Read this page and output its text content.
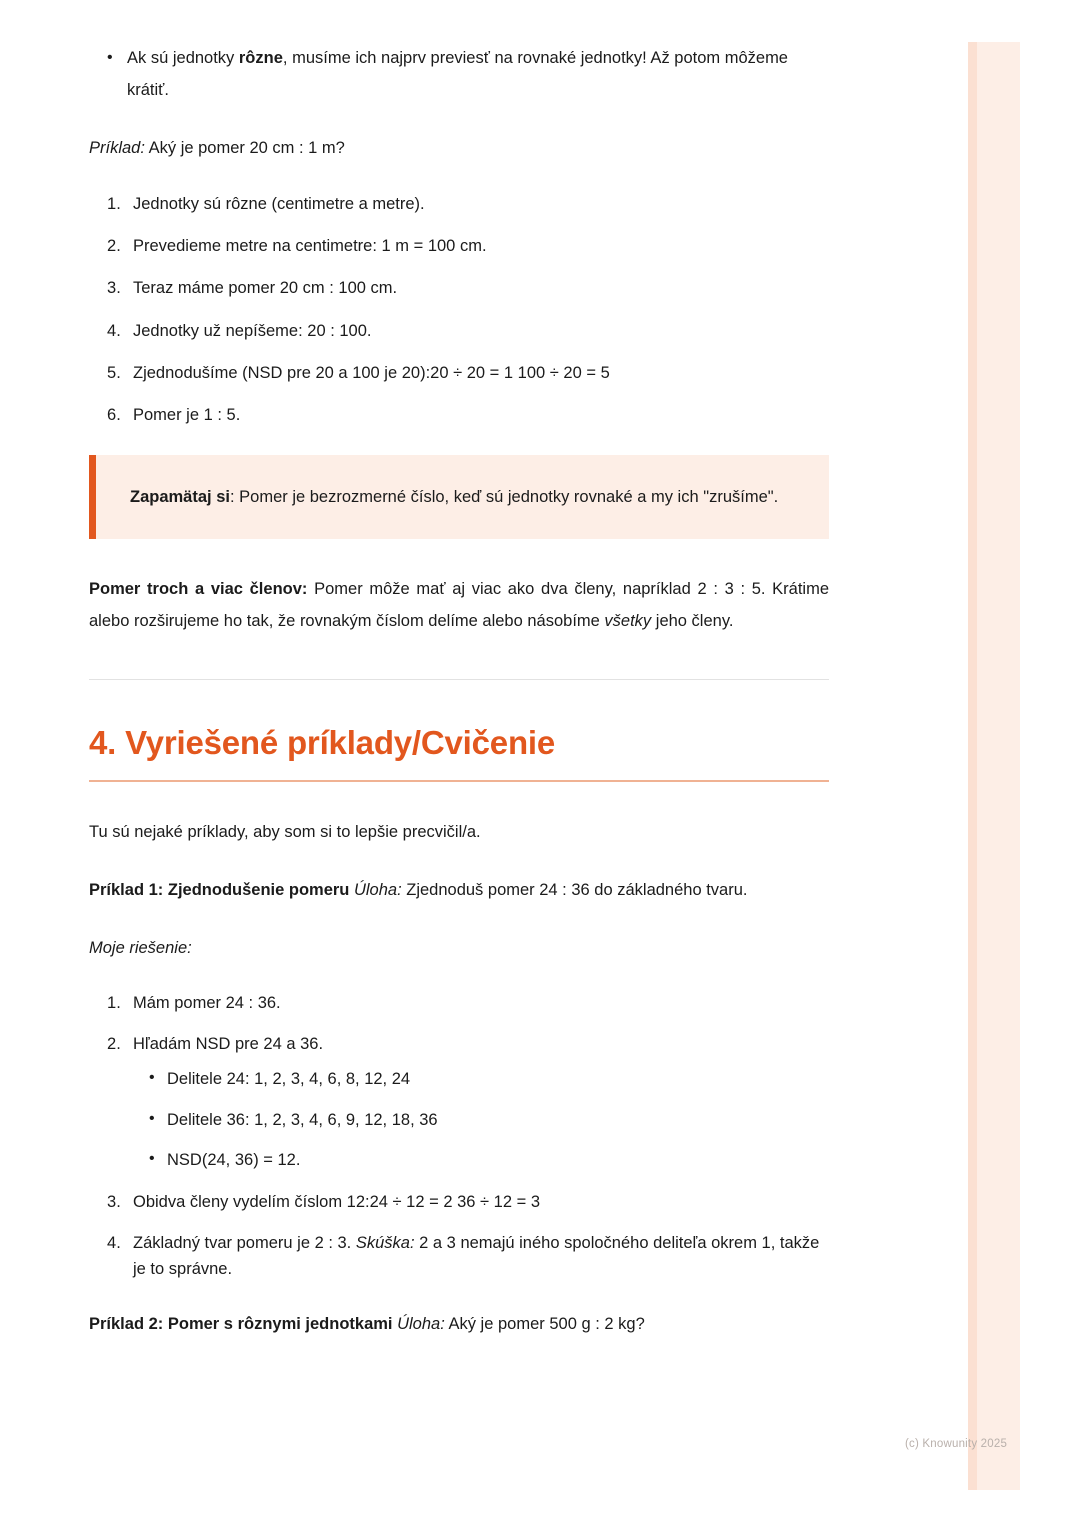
• Ak sú jednotky rôzne, musíme ich najprv previesť na rovnaké jednotky! Až potom môžeme krátiť.

Príklad: Aký je pomer 20 cm : 1 m?

Jednotky sú rôzne (centimetre a metre).
Prevedieme metre na centimetre: 1 m = 100 cm.
Teraz máme pomer 20 cm : 100 cm.
Jednotky už nepíšeme: 20 : 100.
Zjednodušíme (NSD pre 20 a 100 je 20):20 ÷ 20 = 1 100 ÷ 20 = 5
Pomer je 1 : 5.

Zapamätaj si: Pomer je bezrozmerné číslo, keď sú jednotky rovnaké a my ich "zrušíme".

Pomer troch a viac členov: Pomer môže mať aj viac ako dva členy, napríklad 2 : 3 : 5. Krátime alebo rozširujeme ho tak, že rovnakým číslom delíme alebo násobíme všetky jeho členy.

4. Vyriešené príklady/Cvičenie

Tu sú nejaké príklady, aby som si to lepšie precvičil/a.

Príklad 1: Zjednodušenie pomeru Úloha: Zjednoduš pomer 24 : 36 do základného tvaru.

Moje riešenie:

Mám pomer 24 : 36.
Hľadám NSD pre 24 a 36.
• Delitele 24: 1, 2, 3, 4, 6, 8, 12, 24
• Delitele 36: 1, 2, 3, 4, 6, 9, 12, 18, 36
• NSD(24, 36) = 12.
Obidva členy vydelím číslom 12:24 ÷ 12 = 2 36 ÷ 12 = 3
Základný tvar pomeru je 2 : 3. Skúška: 2 a 3 nemajú iného spoločného deliteľa okrem 1, takže je to správne.

Príklad 2: Pomer s rôznymi jednotkami Úloha: Aký je pomer 500 g : 2 kg?

(c) Knowunity 2025
